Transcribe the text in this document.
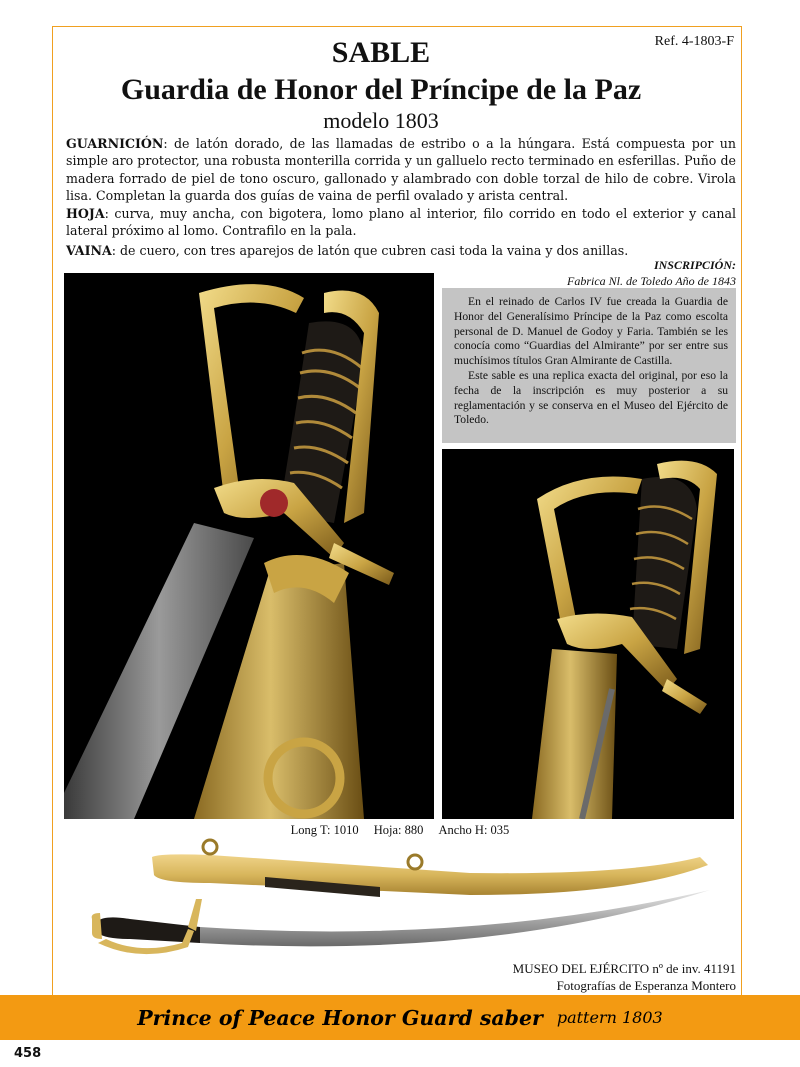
Ref. 4-1803-F
SABLE
Guardia de Honor del Príncipe de la Paz
modelo 1803

GUARNICIÓN: de latón dorado, de las llamadas de estribo o a la húngara. Está compuesta por un simple aro protector, una robusta monterilla corrida y un galluelo recto terminado en esferillas. Puño de madera forrado de piel de tono oscuro, gallonado y alambrado con doble torzal de hilo de cobre. Virola lisa. Completan la guarda dos guías de vaina de perfil ovalado y arista central.

HOJA: curva, muy ancha, con bigotera, lomo plano al interior, filo corrido en todo el exterior y canal lateral próximo al lomo. Contrafilo en la pala.

VAINA: de cuero, con tres aparejos de latón que cubren casi toda la vaina y dos anillas.

INSCRIPCIÓN:
Fabrica Nl. de Toledo Año de 1843

En el reinado de Carlos IV fue creada la Guardia de Honor del Generalísimo Príncipe de la Paz como escolta personal de D. Manuel de Godoy y Faria. También se les conocía como “Guardias del Almirante” por ser entre sus muchísimos títulos Gran Almirante de Castilla.

Este sable es una replica exacta del original, por eso la fecha de la inscripción es muy posterior a su reglamentación y se conserva en el Museo del Ejército de Toledo.

Long T: 1010 Hoja: 880 Ancho H: 035
MUSEO DEL EJÉRCITO nº de inv. 41191
Fotografías de Esperanza Montero
Prince of Peace Honor Guard saber pattern 1803
458
